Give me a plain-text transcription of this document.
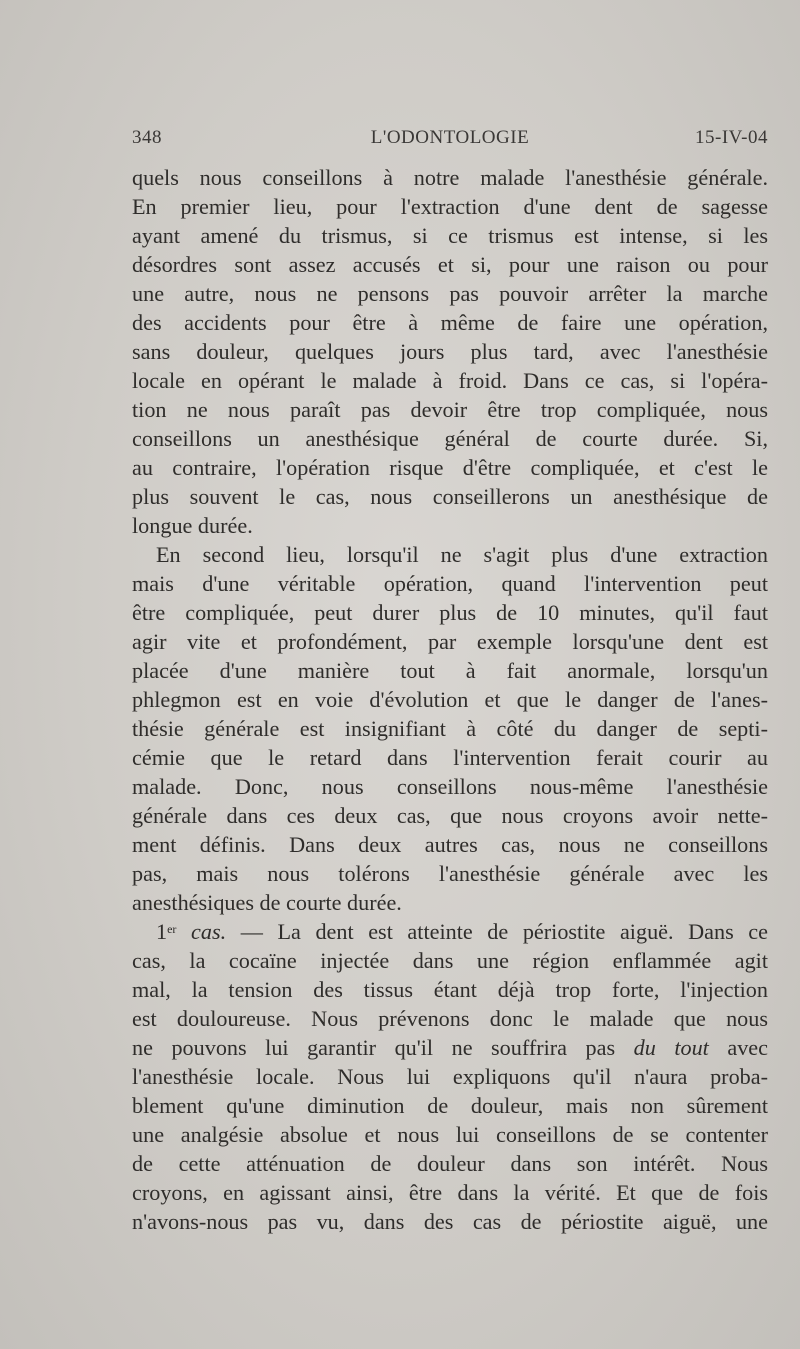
348	L'ODONTOLOGIE	15-IV-04
quels nous conseillons à notre malade l'anesthésie générale.
En premier lieu, pour l'extraction d'une dent de sagesse
ayant amené du trismus, si ce trismus est intense, si les
désordres sont assez accusés et si, pour une raison ou pour
une autre, nous ne pensons pas pouvoir arrêter la marche
des accidents pour être à même de faire une opération,
sans douleur, quelques jours plus tard, avec l'anesthésie
locale en opérant le malade à froid. Dans ce cas, si l'opéra-
tion ne nous paraît pas devoir être trop compliquée, nous
conseillons un anesthésique général de courte durée. Si,
au contraire, l'opération risque d'être compliquée, et c'est le
plus souvent le cas, nous conseillerons un anesthésique de
longue durée.
En second lieu, lorsqu'il ne s'agit plus d'une extraction
mais d'une véritable opération, quand l'intervention peut
être compliquée, peut durer plus de 10 minutes, qu'il faut
agir vite et profondément, par exemple lorsqu'une dent est
placée d'une manière tout à fait anormale, lorsqu'un
phlegmon est en voie d'évolution et que le danger de l'anes-
thésie générale est insignifiant à côté du danger de septi-
cémie que le retard dans l'intervention ferait courir au
malade. Donc, nous conseillons nous-même l'anesthésie
générale dans ces deux cas, que nous croyons avoir nette-
ment définis. Dans deux autres cas, nous ne conseillons
pas, mais nous tolérons l'anesthésie générale avec les
anesthésiques de courte durée.
1er cas. — La dent est atteinte de périostite aiguë. Dans ce
cas, la cocaïne injectée dans une région enflammée agit
mal, la tension des tissus étant déjà trop forte, l'injection
est douloureuse. Nous prévenons donc le malade que nous
ne pouvons lui garantir qu'il ne souffrira pas du tout avec
l'anesthésie locale. Nous lui expliquons qu'il n'aura proba-
blement qu'une diminution de douleur, mais non sûrement
une analgésie absolue et nous lui conseillons de se contenter
de cette atténuation de douleur dans son intérêt. Nous
croyons, en agissant ainsi, être dans la vérité. Et que de fois
n'avons-nous pas vu, dans des cas de périostite aiguë, une
